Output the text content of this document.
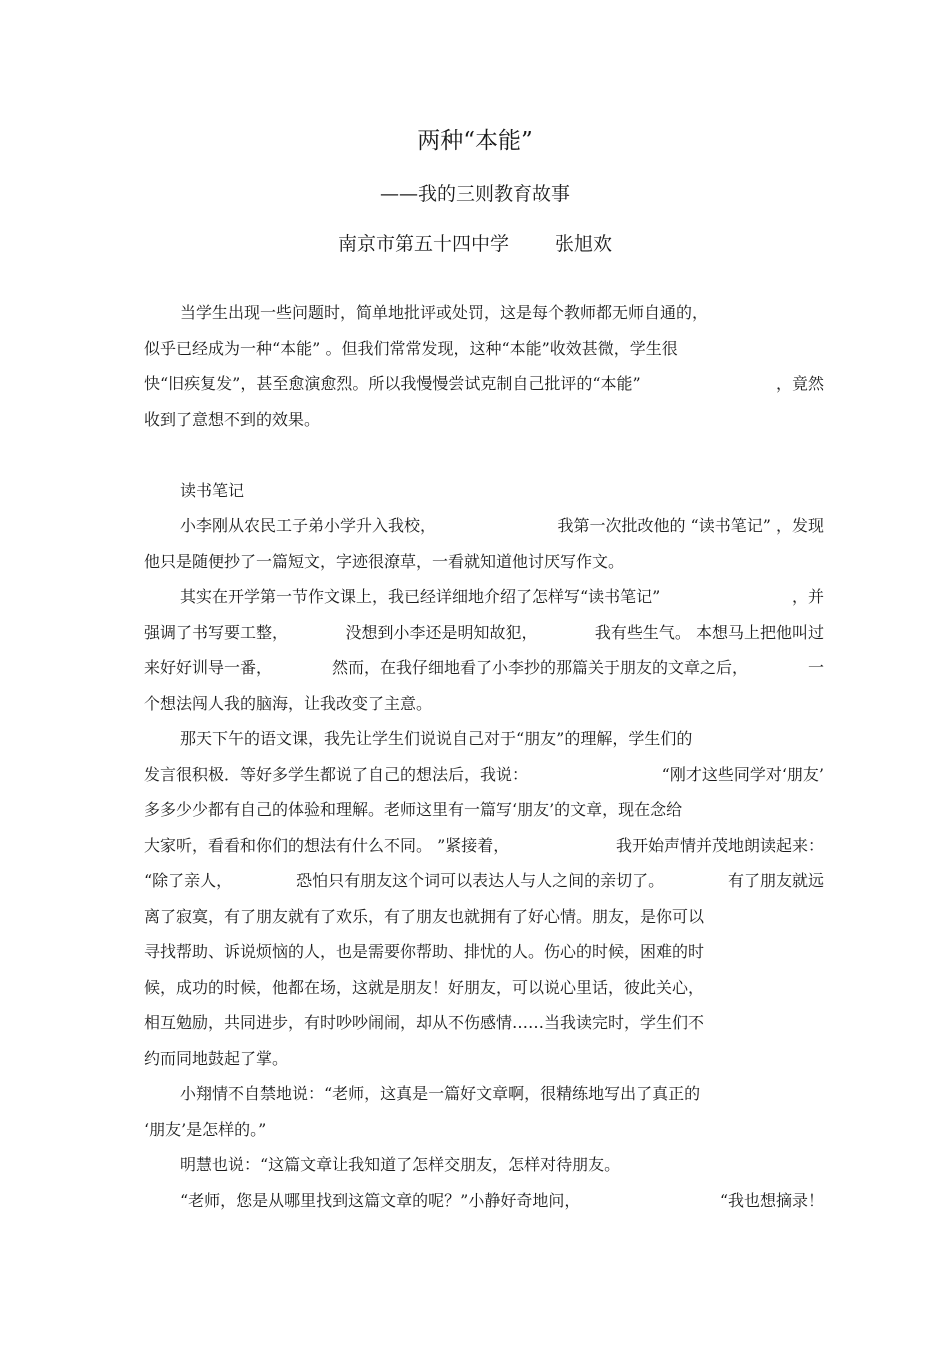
两种“本能”
——我的三则教育故事
南京市第五十四中学 张旭欢
当学生出现一些问题时，简单地批评或处罚，这是每个教师都无师自通的，
似乎已经成为一种“本能” 。但我们常常发现，这种“本能”收效甚微，学生很
快“旧疾复发”，甚至愈演愈烈。所以我慢慢尝试克制自己批评的“本能”	，竟然
收到了意想不到的效果。
读书笔记
小李刚从农民工子弟小学升入我校，	我第一次批改他的 “读书笔记” ，发现
他只是随便抄了一篇短文，字迹很潦草，一看就知道他讨厌写作文。
其实在开学第一节作文课上，我已经详细地介绍了怎样写“读书笔记”	，并
强调了书写要工整，	没想到小李还是明知故犯，	我有些生气。 本想马上把他叫过
来好好训导一番，	然而，在我仔细地看了小李抄的那篇关于朋友的文章之后，	一
个想法闯人我的脑海，让我改变了主意。
那天下午的语文课，我先让学生们说说自己对于“朋友”的理解，学生们的
发言很积极．等好多学生都说了自己的想法后，我说：	“刚才这些同学对‘朋友’
多多少少都有自己的体验和理解。老师这里有一篇写‘朋友’的文章，现在念给
大家听，看看和你们的想法有什么不同。 ”紧接着，	我开始声情并茂地朗读起来：
“除了亲人，	恐怕只有朋友这个词可以表达人与人之间的亲切了。	有了朋友就远
离了寂寞，有了朋友就有了欢乐，有了朋友也就拥有了好心情。朋友，是你可以
寻找帮助、诉说烦恼的人，也是需要你帮助、排忧的人。伤心的时候，困难的时
候，成功的时候，他都在场，这就是朋友！好朋友，可以说心里话，彼此关心，
相互勉励，共同进步，有时吵吵闹闹，却从不伤感情……当我读完时，学生们不
约而同地鼓起了掌。
小翔情不自禁地说：“老师，这真是一篇好文章啊，很精练地写出了真正的
‘朋友’是怎样的。”
明慧也说：“这篇文章让我知道了怎样交朋友，怎样对待朋友。
“老师，您是从哪里找到这篇文章的呢？”小静好奇地问，	“我也想摘录！
